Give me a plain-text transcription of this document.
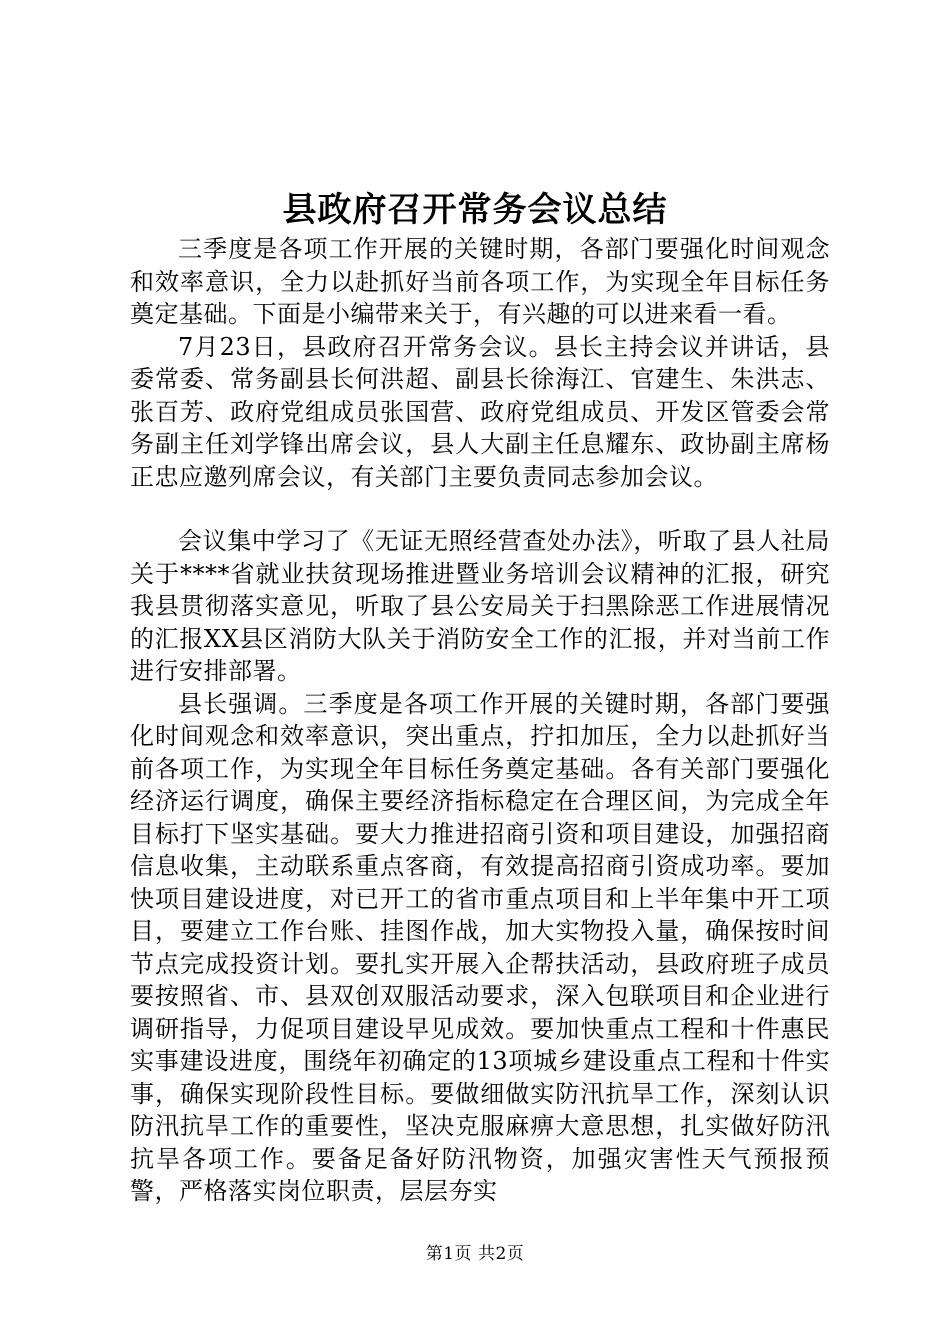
县政府召开常务会议总结

三季度是各项工作开展的关键时期，各部门要强化时间观念和效率意识，全力以赴抓好当前各项工作，为实现全年目标任务奠定基础。下面是小编带来关于，有兴趣的可以进来看一看。

7月23日，县政府召开常务会议。县长主持会议并讲话，县委常委、常务副县长何洪超、副县长徐海江、官建生、朱洪志、张百芳、政府党组成员张国营、政府党组成员、开发区管委会常务副主任刘学锋出席会议，县人大副主任息耀东、政协副主席杨正忠应邀列席会议，有关部门主要负责同志参加会议。

会议集中学习了《无证无照经营查处办法》，听取了县人社局关于****省就业扶贫现场推进暨业务培训会议精神的汇报，研究我县贯彻落实意见，听取了县公安局关于扫黑除恶工作进展情况的汇报XX县区消防大队关于消防安全工作的汇报，并对当前工作进行安排部署。

县长强调。三季度是各项工作开展的关键时期，各部门要强化时间观念和效率意识，突出重点，拧扣加压，全力以赴抓好当前各项工作，为实现全年目标任务奠定基础。各有关部门要强化经济运行调度，确保主要经济指标稳定在合理区间，为完成全年目标打下坚实基础。要大力推进招商引资和项目建设，加强招商信息收集，主动联系重点客商，有效提高招商引资成功率。要加快项目建设进度，对已开工的省市重点项目和上半年集中开工项目，要建立工作台账、挂图作战，加大实物投入量，确保按时间节点完成投资计划。要扎实开展入企帮扶活动，县政府班子成员要按照省、市、县双创双服活动要求，深入包联项目和企业进行调研指导，力促项目建设早见成效。要加快重点工程和十件惠民实事建设进度，围绕年初确定的13项城乡建设重点工程和十件实事，确保实现阶段性目标。要做细做实防汛抗旱工作，深刻认识防汛抗旱工作的重要性，坚决克服麻痹大意思想，扎实做好防汛抗旱各项工作。要备足备好防汛物资，加强灾害性天气预报预警，严格落实岗位职责，层层夯实

第1页 共2页
